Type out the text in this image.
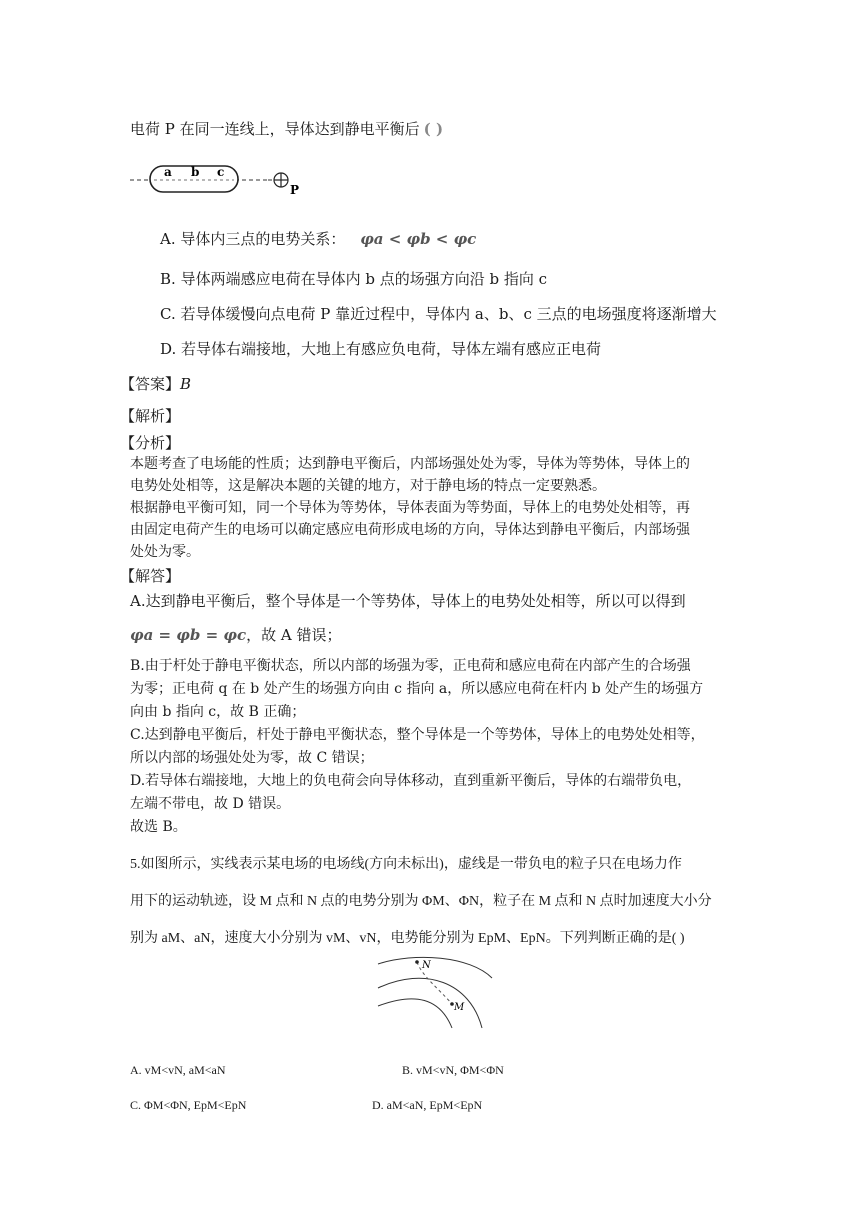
电荷 P 在同一连线上，导体达到静电平衡后 ( )
a b c
P
A. 导体内三点的电势关系： φa < φb < φc
B. 导体两端感应电荷在导体内 b 点的场强方向沿 b 指向 c
C. 若导体缓慢向点电荷 P 靠近过程中，导体内 a、b、c 三点的电场强度将逐渐增大
D. 若导体右端接地，大地上有感应负电荷，导体左端有感应正电荷
【答案】B
【解析】
【分析】
本题考查了电场能的性质；达到静电平衡后，内部场强处处为零，导体为等势体，导体上的
电势处处相等，这是解决本题的关键的地方，对于静电场的特点一定要熟悉。
根据静电平衡可知，同一个导体为等势体，导体表面为等势面，导体上的电势处处相等，再
由固定电荷产生的电场可以确定感应电荷形成电场的方向，导体达到静电平衡后，内部场强
处处为零。
【解答】
A.达到静电平衡后，整个导体是一个等势体，导体上的电势处处相等，所以可以得到
φa = φb = φc，故 A 错误；
B.由于杆处于静电平衡状态，所以内部的场强为零，正电荷和感应电荷在内部产生的合场强
为零；正电荷 q 在 b 处产生的场强方向由 c 指向 a，所以感应电荷在杆内 b 处产生的场强方
向由 b 指向 c，故 B 正确；
C.达到静电平衡后，杆处于静电平衡状态，整个导体是一个等势体，导体上的电势处处相等，
所以内部的场强处处为零，故 C 错误；
D.若导体右端接地，大地上的负电荷会向导体移动，直到重新平衡后，导体的右端带负电，
左端不带电，故 D 错误。
故选 B。
5.如图所示，实线表示某电场的电场线(方向未标出)，虚线是一带负电的粒子只在电场力作
用下的运动轨迹，设 M 点和 N 点的电势分别为 ΦM、ΦN，粒子在 M 点和 N 点时加速度大小分
别为 aM、aN，速度大小分别为 vM、vN，电势能分别为 EpM、EpN。下列判断正确的是( )
N
M
A. vM<vN, aM<aN	B. vM<vN, ΦM<ΦN
C. ΦM<ΦN, EpM<EpN	D. aM<aN, EpM<EpN
